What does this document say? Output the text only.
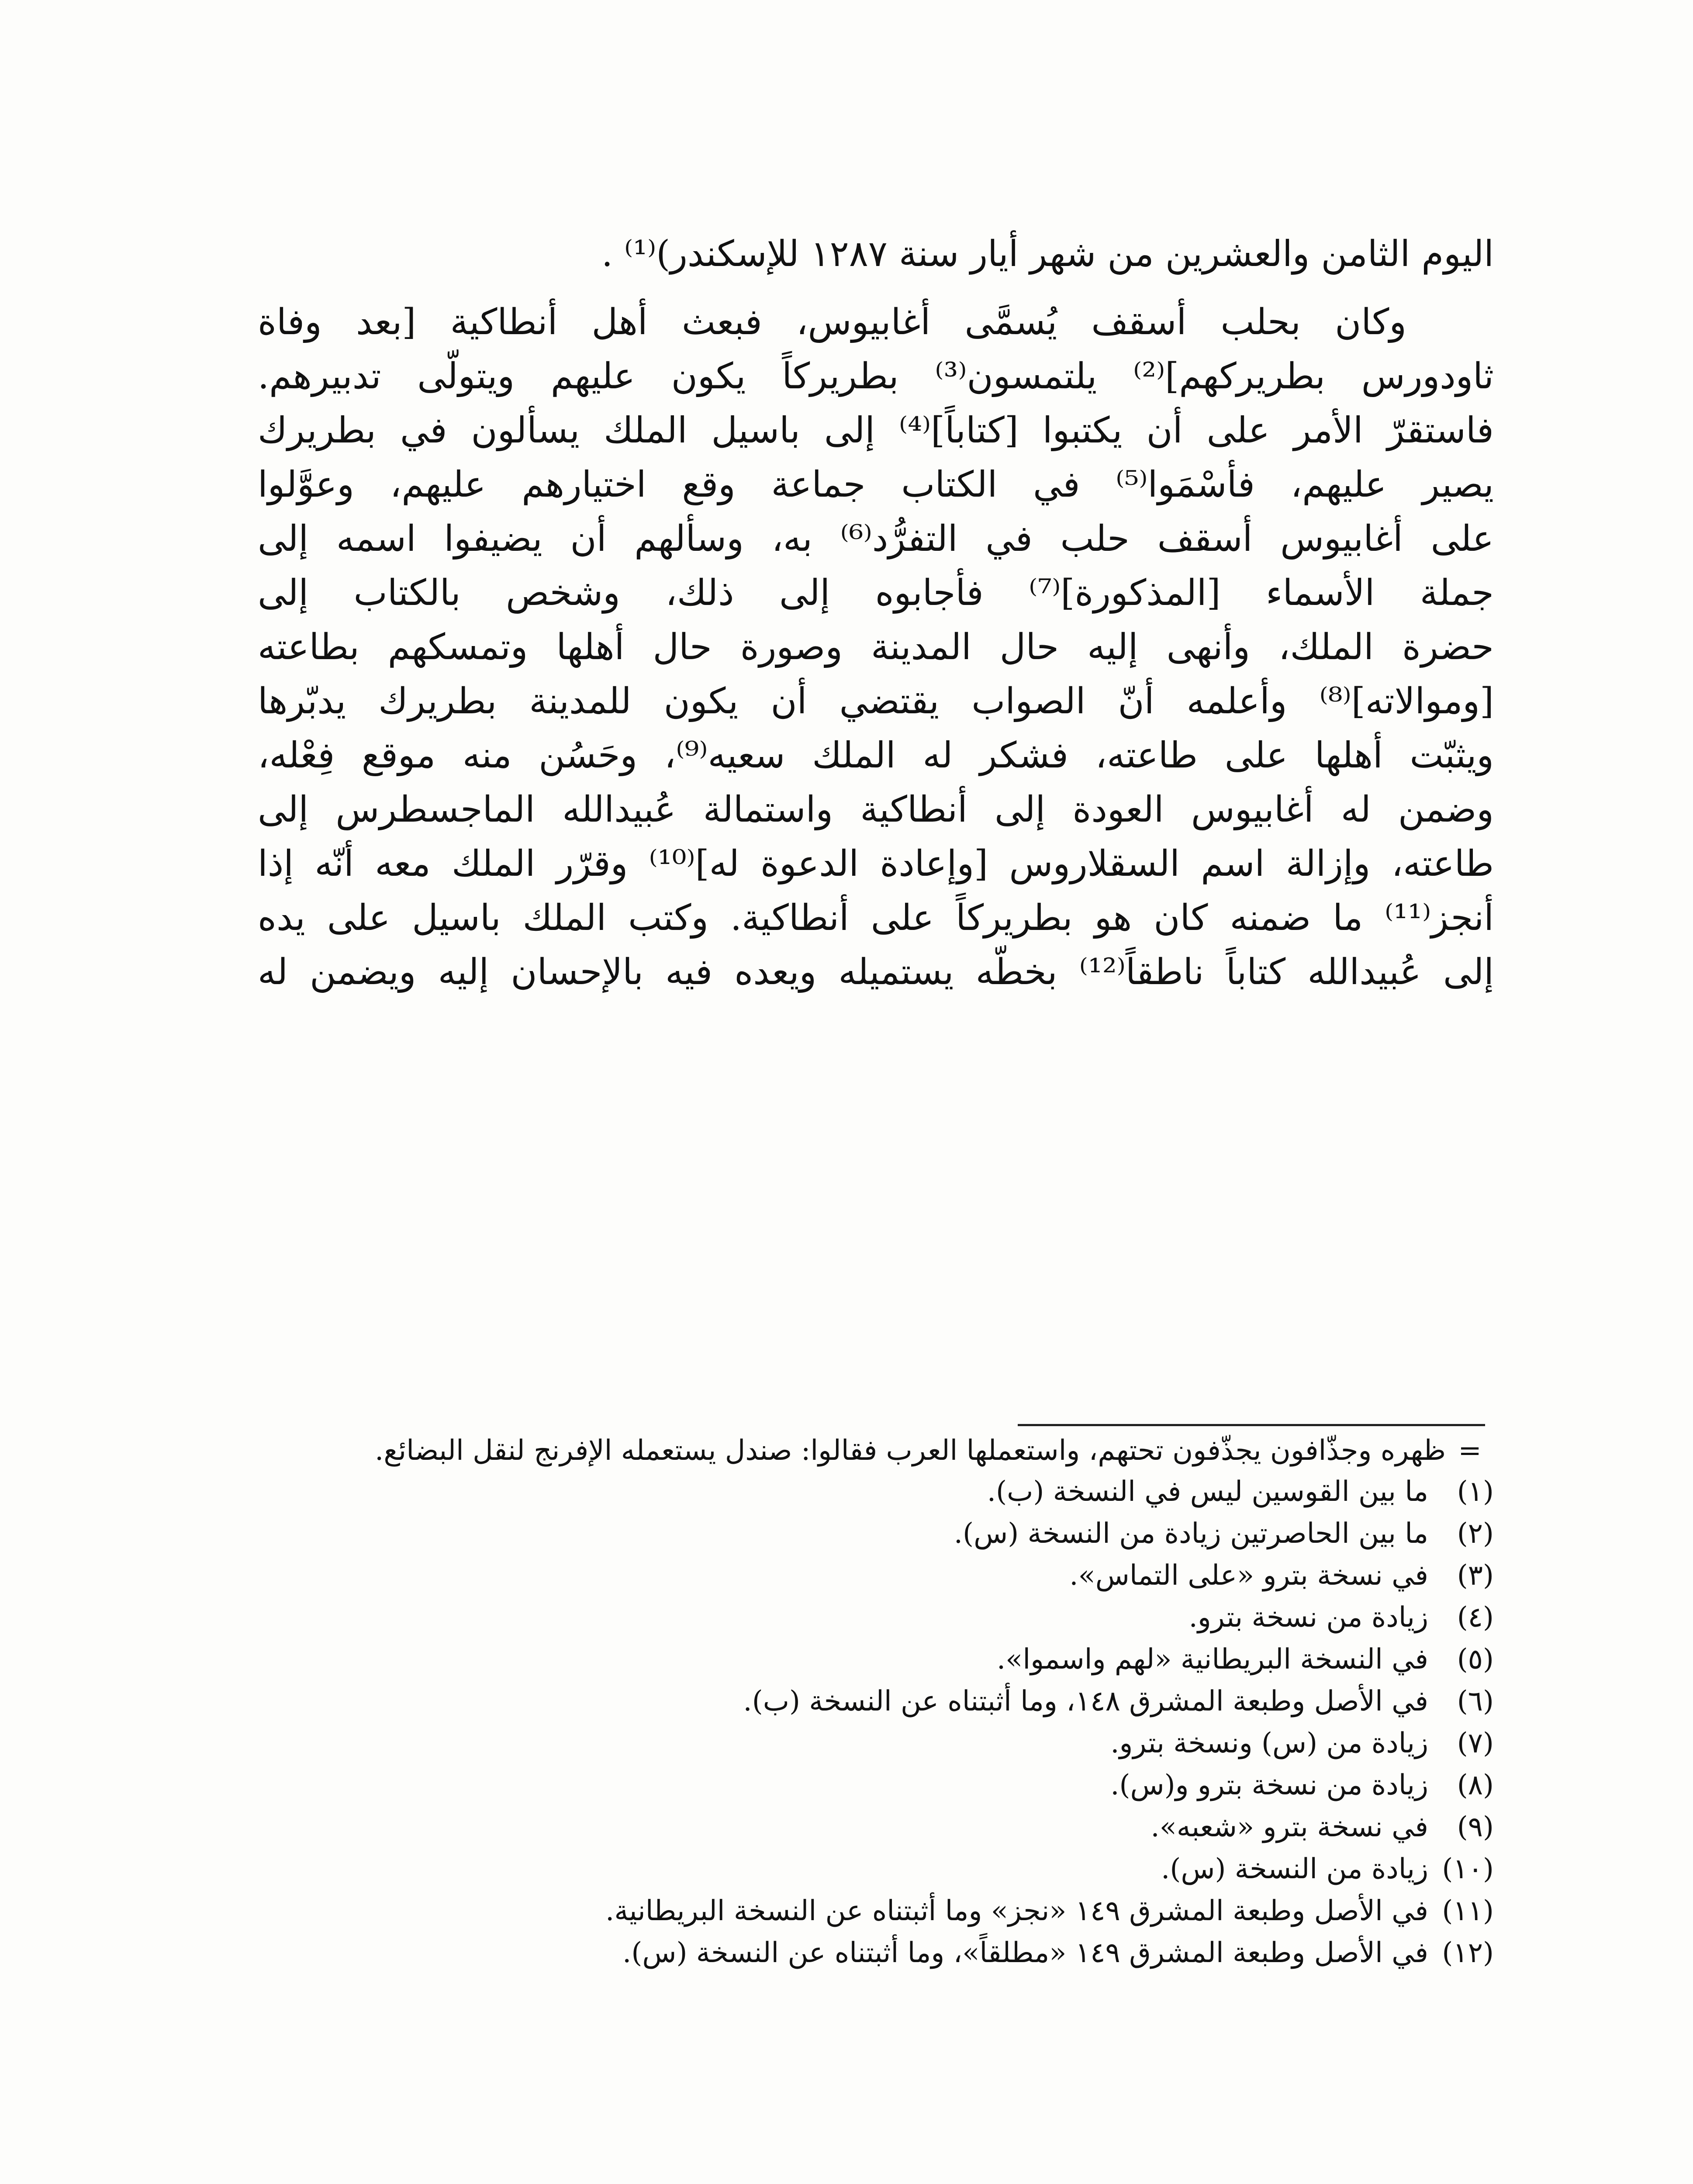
اليوم الثامن والعشرين من شهر أيار سنة ١٢٨٧ للإسكندر)⁽¹⁾ .
وكان بحلب أسقف يُسمَّى أغابيوس، فبعث أهل أنطاكية [بعد وفاة
ثاودورس بطريركهم]⁽²⁾ يلتمسون⁽³⁾ بطريركاً يكون عليهم ويتولّى تدبيرهم.
فاستقرّ الأمر على أن يكتبوا [كتاباً]⁽⁴⁾ إلى باسيل الملك يسألون في بطريرك
يصير عليهم، فأسْمَوا⁽⁵⁾ في الكتاب جماعة وقع اختيارهم عليهم، وعوَّلوا
على أغابيوس أسقف حلب في التفرُّد⁽⁶⁾ به، وسألهم أن يضيفوا اسمه إلى
جملة الأسماء [المذكورة]⁽⁷⁾ فأجابوه إلى ذلك، وشخص بالكتاب إلى
حضرة الملك، وأنهى إليه حال المدينة وصورة حال أهلها وتمسكهم بطاعته
[وموالاته]⁽⁸⁾ وأعلمه أنّ الصواب يقتضي أن يكون للمدينة بطريرك يدبّرها
ويثبّت أهلها على طاعته، فشكر له الملك سعيه⁽⁹⁾، وحَسُن منه موقع فِعْله،
وضمن له أغابيوس العودة إلى أنطاكية واستمالة عُبيدالله الماجسطرس إلى
طاعته، وإزالة اسم السقلاروس [وإعادة الدعوة له]⁽¹⁰⁾ وقرّر الملك معه أنّه إذا
أنجز⁽¹¹⁾ ما ضمنه كان هو بطريركاً على أنطاكية. وكتب الملك باسيل على يده
إلى عُبيدالله كتاباً ناطقاً⁽¹²⁾ بخطّه يستميله ويعده فيه بالإحسان إليه ويضمن له
=
ظهره وجذّافون يجذّفون تحتهم، واستعملها العرب فقالوا: صندل يستعمله الإفرنج لنقل البضائع.
(١)
ما بين القوسين ليس في النسخة (ب).
(٢)
ما بين الحاصرتين زيادة من النسخة (س).
(٣)
في نسخة بترو «على التماس».
(٤)
زيادة من نسخة بترو.
(٥)
في النسخة البريطانية «لهم واسموا».
(٦)
في الأصل وطبعة المشرق ١٤٨، وما أثبتناه عن النسخة (ب).
(٧)
زيادة من (س) ونسخة بترو.
(٨)
زيادة من نسخة بترو و(س).
(٩)
في نسخة بترو «شعبه».
(١٠)
زيادة من النسخة (س).
(١١)
في الأصل وطبعة المشرق ١٤٩ «نجز» وما أثبتناه عن النسخة البريطانية.
(١٢)
في الأصل وطبعة المشرق ١٤٩ «مطلقاً»، وما أثبتناه عن النسخة (س).
